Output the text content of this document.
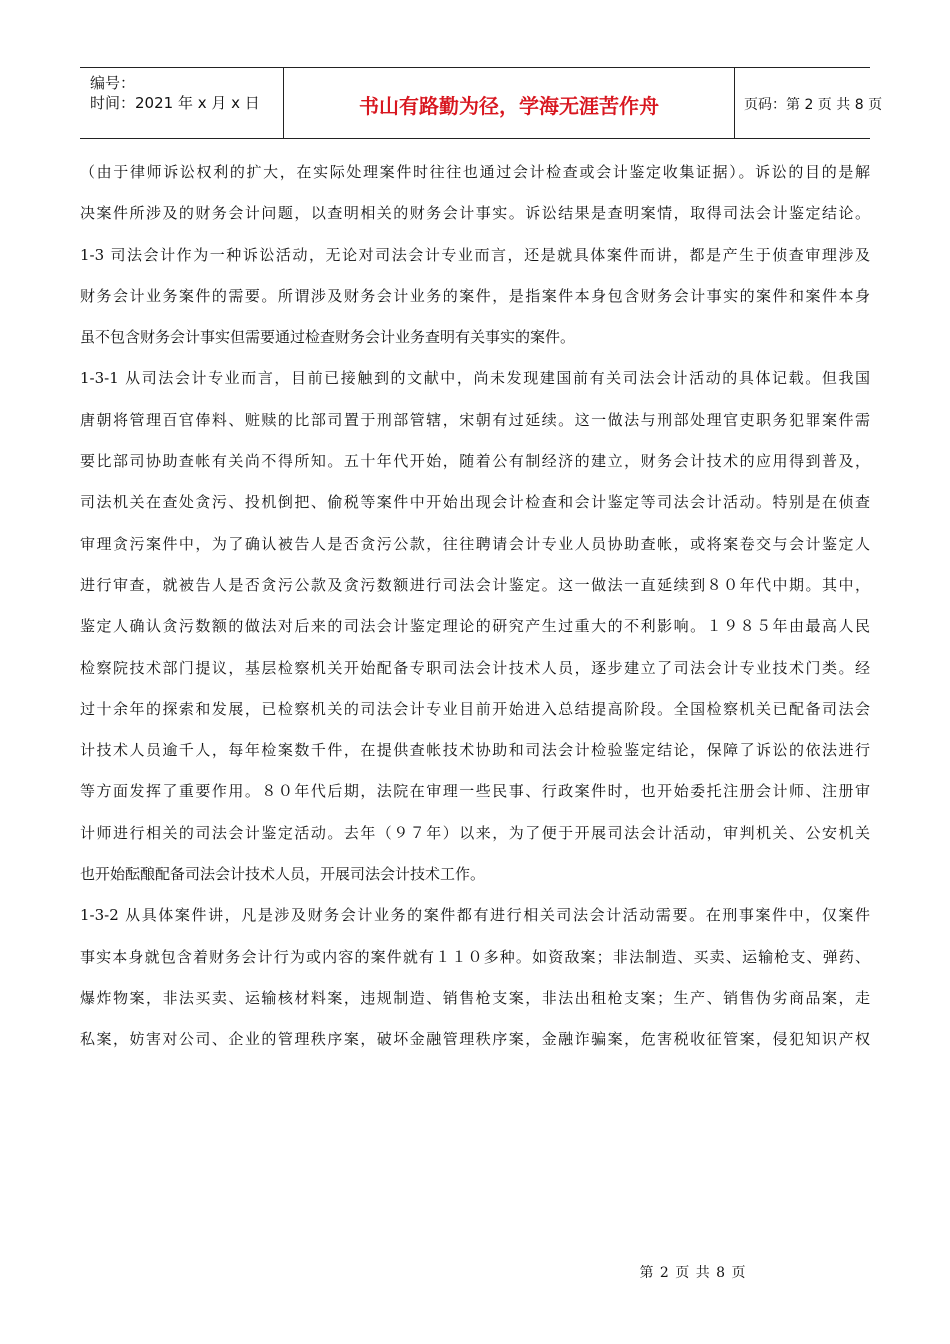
编号：
时间：2021 年 x 月 x 日	书山有路勤为径，学海无涯苦作舟	页码：第 2 页 共 8 页
（由于律师诉讼权利的扩大，在实际处理案件时往往也通过会计检查或会计鉴定收集证据）。诉讼的目的是解
决案件所涉及的财务会计问题，以查明相关的财务会计事实。诉讼结果是查明案情，取得司法会计鉴定结论。
1-3 司法会计作为一种诉讼活动，无论对司法会计专业而言，还是就具体案件而讲，都是产生于侦查审理涉及
财务会计业务案件的需要。所谓涉及财务会计业务的案件，是指案件本身包含财务会计事实的案件和案件本身
虽不包含财务会计事实但需要通过检查财务会计业务查明有关事实的案件。
1-3-1 从司法会计专业而言，目前已接触到的文献中，尚未发现建国前有关司法会计活动的具体记载。但我国
唐朝将管理百官俸料、赃赎的比部司置于刑部管辖，宋朝有过延续。这一做法与刑部处理官吏职务犯罪案件需
要比部司协助查帐有关尚不得所知。五十年代开始，随着公有制经济的建立，财务会计技术的应用得到普及，
司法机关在查处贪污、投机倒把、偷税等案件中开始出现会计检查和会计鉴定等司法会计活动。特别是在侦查
审理贪污案件中，为了确认被告人是否贪污公款，往往聘请会计专业人员协助查帐，或将案卷交与会计鉴定人
进行审查，就被告人是否贪污公款及贪污数额进行司法会计鉴定。这一做法一直延续到８０年代中期。其中，
鉴定人确认贪污数额的做法对后来的司法会计鉴定理论的研究产生过重大的不利影响。１９８５年由最高人民
检察院技术部门提议，基层检察机关开始配备专职司法会计技术人员，逐步建立了司法会计专业技术门类。经
过十余年的探索和发展，已检察机关的司法会计专业目前开始进入总结提高阶段。全国检察机关已配备司法会
计技术人员逾千人，每年检案数千件，在提供查帐技术协助和司法会计检验鉴定结论，保障了诉讼的依法进行
等方面发挥了重要作用。８０年代后期，法院在审理一些民事、行政案件时，也开始委托注册会计师、注册审
计师进行相关的司法会计鉴定活动。去年（９７年）以来，为了便于开展司法会计活动，审判机关、公安机关
也开始酝酿配备司法会计技术人员，开展司法会计技术工作。
1-3-2 从具体案件讲，凡是涉及财务会计业务的案件都有进行相关司法会计活动需要。在刑事案件中，仅案件
事实本身就包含着财务会计行为或内容的案件就有１１０多种。如资敌案；非法制造、买卖、运输枪支、弹药、
爆炸物案，非法买卖、运输核材料案，违规制造、销售枪支案，非法出租枪支案；生产、销售伪劣商品案，走
私案，妨害对公司、企业的管理秩序案，破坏金融管理秩序案，金融诈骗案，危害税收征管案，侵犯知识产权
第 2 页 共 8 页
